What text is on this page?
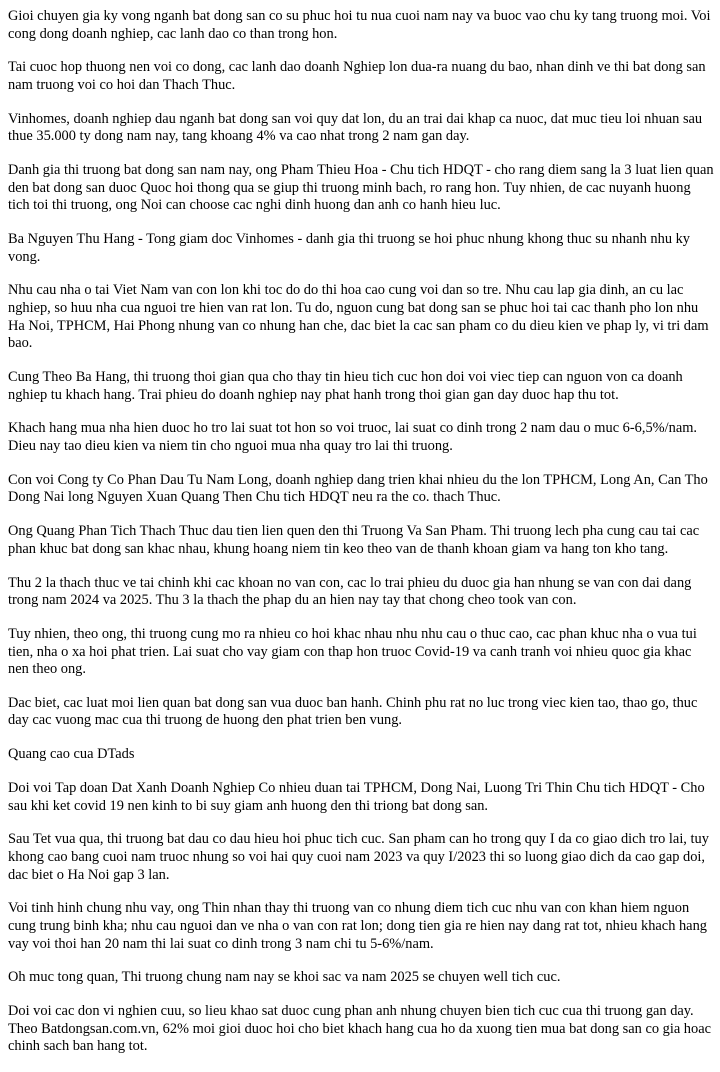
Gioi chuyen gia ky vong nganh bat dong san co su phuc hoi tu nua cuoi nam nay va buoc vao chu ky tang truong moi. Voi cong dong doanh nghiep, cac lanh dao co than trong hon.

Tai cuoc hop thuong nen voi co dong, cac lanh dao doanh Nghiep lon dua-ra nuang du bao, nhan dinh ve thi bat dong san nam truong voi co hoi dan Thach Thuc.

Vinhomes, doanh nghiep dau nganh bat dong san voi quy dat lon, du an trai dai khap ca nuoc, dat muc tieu loi nhuan sau thue 35.000 ty dong nam nay, tang khoang 4% va cao nhat trong 2 nam gan day.

Danh gia thi truong bat dong san nam nay, ong Pham Thieu Hoa - Chu tich HDQT - cho rang diem sang la 3 luat lien quan den bat dong san duoc Quoc hoi thong qua se giup thi truong minh bach, ro rang hon. Tuy nhien, de cac nuyanh huong tich toi thi truong, ong Noi can choose cac nghi dinh huong dan anh co hanh hieu luc.

Ba Nguyen Thu Hang - Tong giam doc Vinhomes - danh gia thi truong se hoi phuc nhung khong thuc su nhanh nhu ky vong.

Nhu cau nha o tai Viet Nam van con lon khi toc do do thi hoa cao cung voi dan so tre. Nhu cau lap gia dinh, an cu lac nghiep, so huu nha cua nguoi tre hien van rat lon. Tu do, nguon cung bat dong san se phuc hoi tai cac thanh pho lon nhu Ha Noi, TPHCM, Hai Phong nhung van co nhung han che, dac biet la cac san pham co du dieu kien ve phap ly, vi tri dam bao.

Cung Theo Ba Hang, thi truong thoi gian qua cho thay tin hieu tich cuc hon doi voi viec tiep can nguon von ca doanh nghiep tu khach hang. Trai phieu do doanh nghiep nay phat hanh trong thoi gian gan day duoc hap thu tot.

Khach hang mua nha hien duoc ho tro lai suat tot hon so voi truoc, lai suat co dinh trong 2 nam dau o muc 6-6,5%/nam. Dieu nay tao dieu kien va niem tin cho nguoi mua nha quay tro lai thi truong.

Con voi Cong ty Co Phan Dau Tu Nam Long, doanh nghiep dang trien khai nhieu du the lon TPHCM, Long An, Can Tho Dong Nai long Nguyen Xuan Quang Then Chu tich HDQT neu ra the co. thach Thuc.

Ong Quang Phan Tich Thach Thuc dau tien lien quen den thi Truong Va San Pham. Thi truong lech pha cung cau tai cac phan khuc bat dong san khac nhau, khung hoang niem tin keo theo van de thanh khoan giam va hang ton kho tang.

Thu 2 la thach thuc ve tai chinh khi cac khoan no van con, cac lo trai phieu du duoc gia han nhung se van con dai dang trong nam 2024 va 2025. Thu 3 la thach the phap du an hien nay tay that chong cheo took van con.

Tuy nhien, theo ong, thi truong cung mo ra nhieu co hoi khac nhau nhu nhu cau o thuc cao, cac phan khuc nha o vua tui tien, nha o xa hoi phat trien. Lai suat cho vay giam con thap hon truoc Covid-19 va canh tranh voi nhieu quoc gia khac nen theo ong.

Dac biet, cac luat moi lien quan bat dong san vua duoc ban hanh. Chinh phu rat no luc trong viec kien tao, thao go, thuc day cac vuong mac cua thi truong de huong den phat trien ben vung.

Quang cao cua DTads

Doi voi Tap doan Dat Xanh Doanh Nghiep Co nhieu duan tai TPHCM, Dong Nai, Luong Tri Thin Chu tich HDQT - Cho sau khi ket covid 19 nen kinh to bi suy giam anh huong den thi triong bat dong san.

Sau Tet vua qua, thi truong bat dau co dau hieu hoi phuc tich cuc. San pham can ho trong quy I da co giao dich tro lai, tuy khong cao bang cuoi nam truoc nhung so voi hai quy cuoi nam 2023 va quy I/2023 thi so luong giao dich da cao gap doi, dac biet o Ha Noi gap 3 lan.

Voi tinh hinh chung nhu vay, ong Thin nhan thay thi truong van co nhung diem tich cuc nhu van con khan hiem nguon cung trung binh kha; nhu cau nguoi dan ve nha o van con rat lon; dong tien gia re hien nay dang rat tot, nhieu khach hang vay voi thoi han 20 nam thi lai suat co dinh trong 3 nam chi tu 5-6%/nam.

Oh muc tong quan, Thi truong chung nam nay se khoi sac va nam 2025 se chuyen well tich cuc.

Doi voi cac don vi nghien cuu, so lieu khao sat duoc cung phan anh nhung chuyen bien tich cuc cua thi truong gan day. Theo Batdongsan.com.vn, 62% moi gioi duoc hoi cho biet khach hang cua ho da xuong tien mua bat dong san co gia hoac chinh sach ban hang tot.
